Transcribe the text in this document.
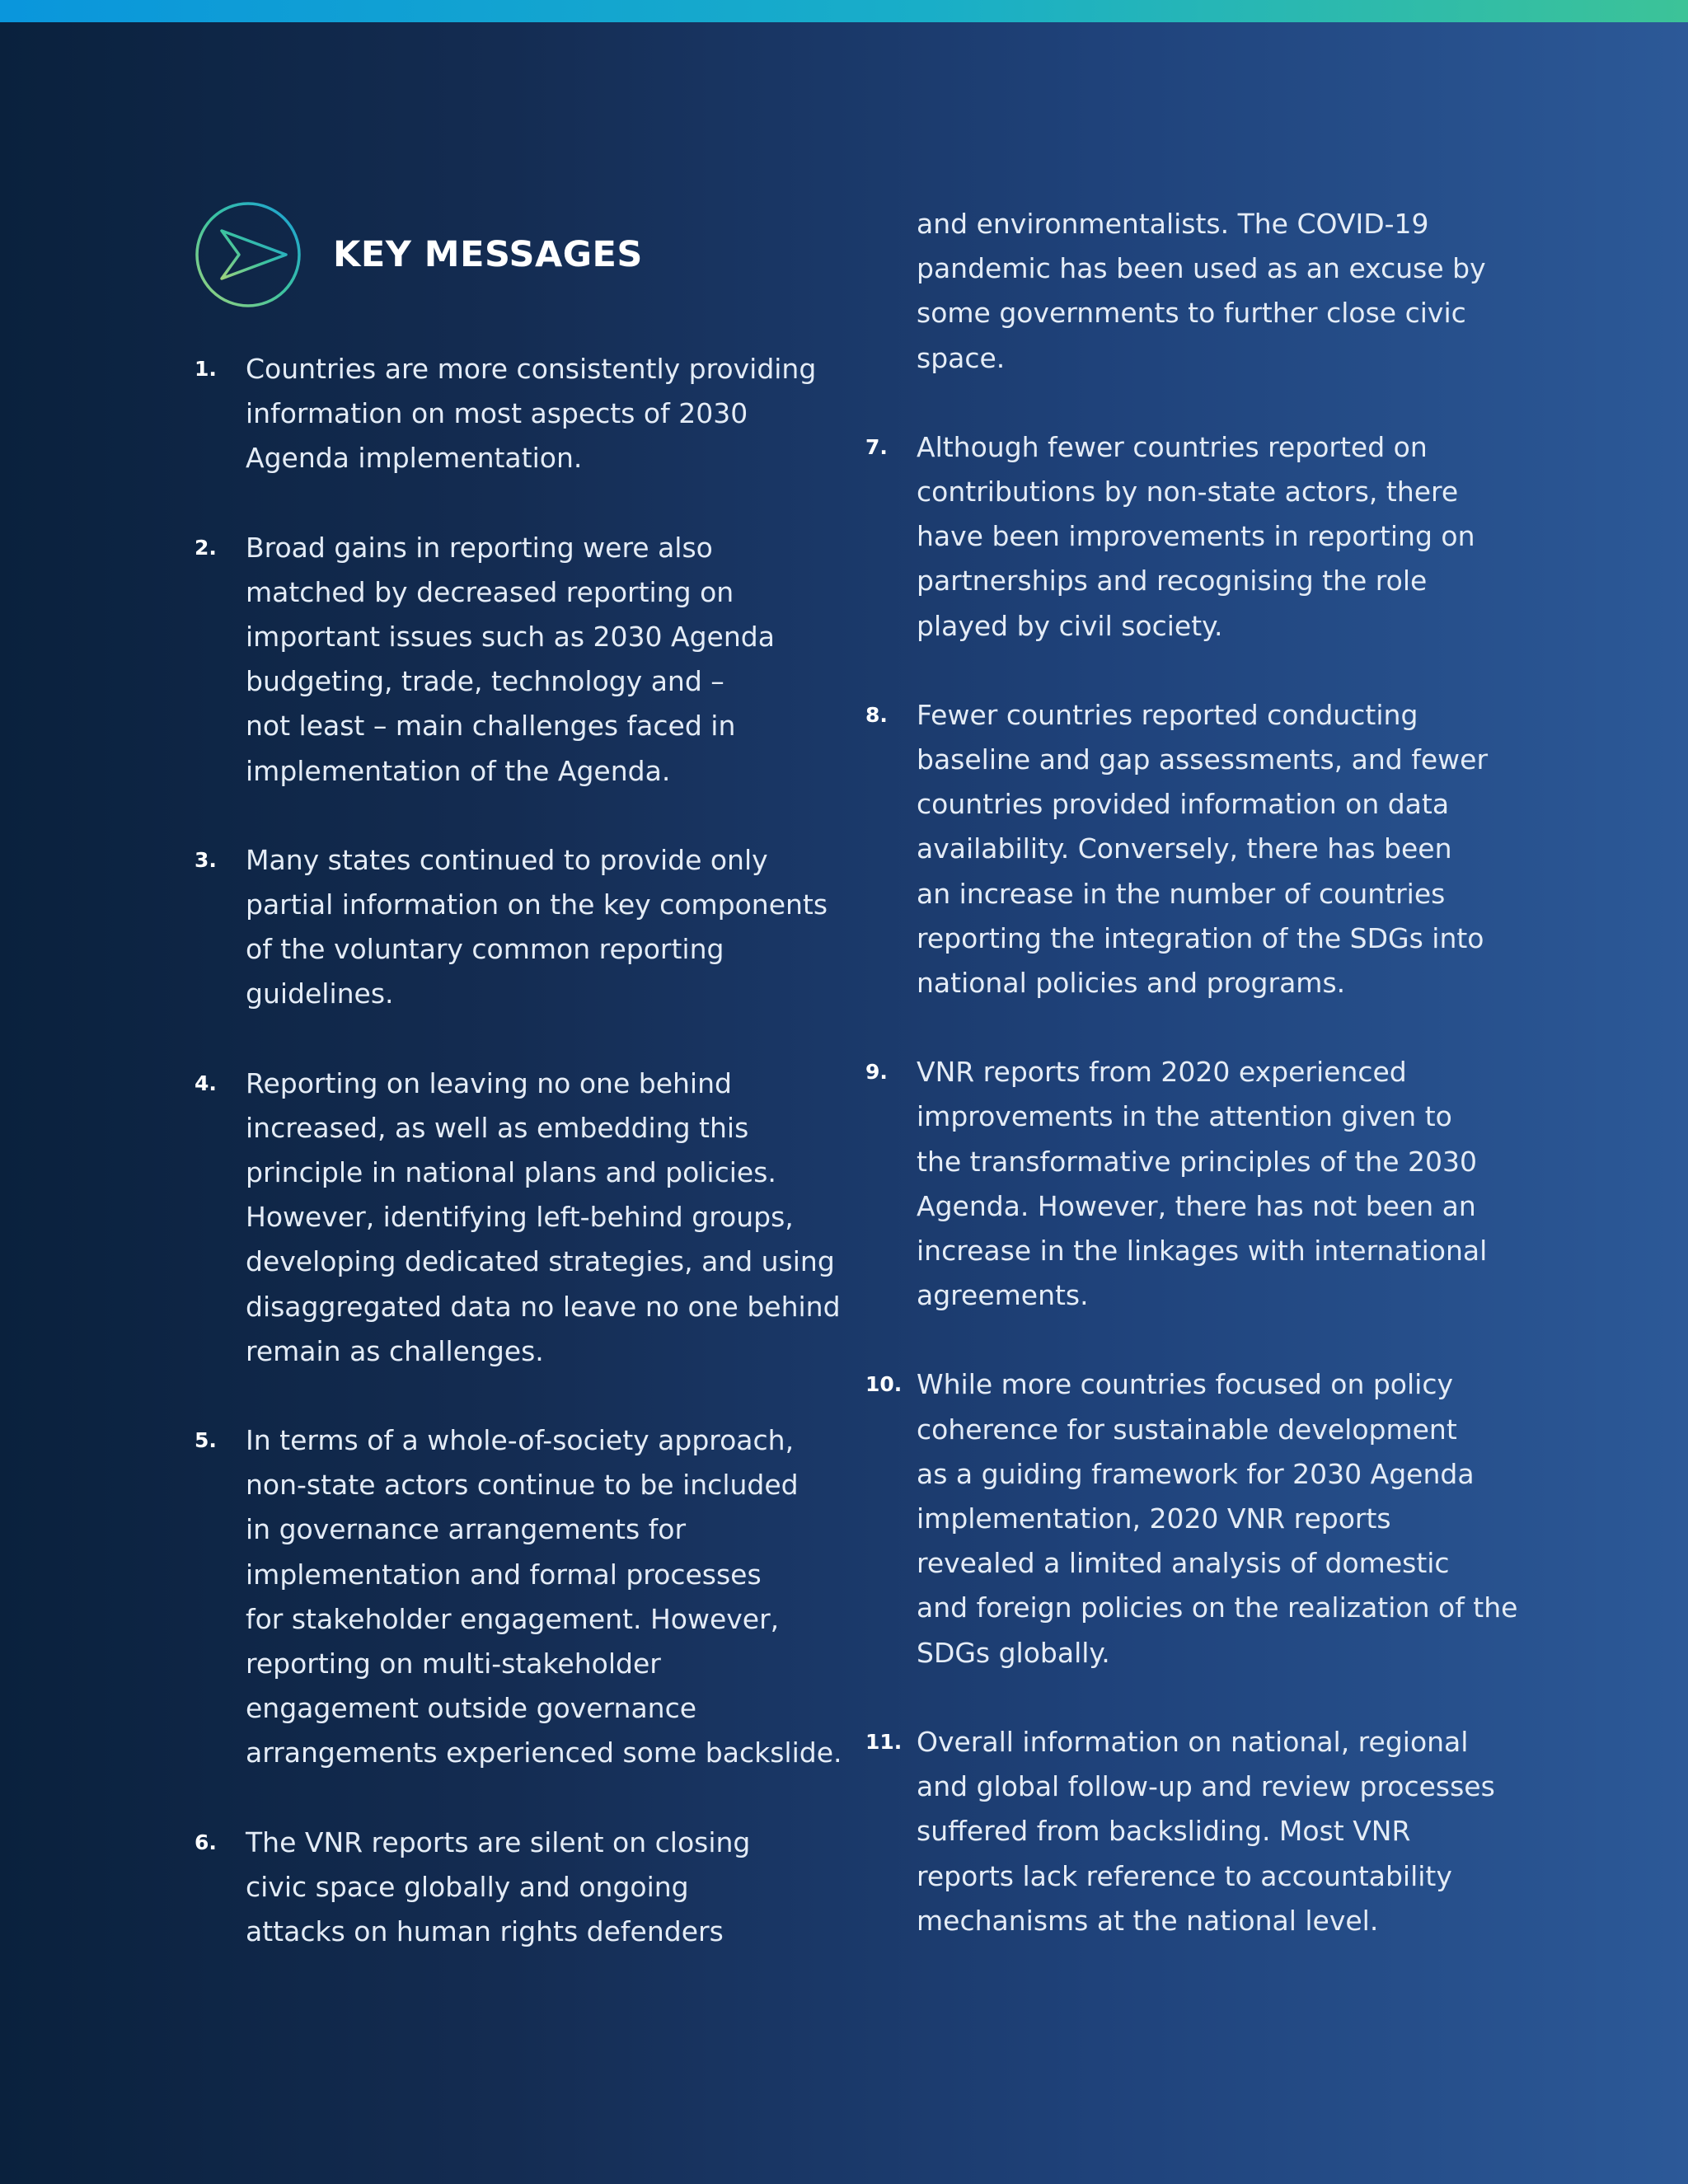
KEY MESSAGES
1. Countries are more consistently providing
information on most aspects of 2030
Agenda implementation.
2. Broad gains in reporting were also
matched by decreased reporting on
important issues such as 2030 Agenda
budgeting, trade, technology and –
not least – main challenges faced in
implementation of the Agenda.
3. Many states continued to provide only
partial information on the key components
of the voluntary common reporting
guidelines.
4. Reporting on leaving no one behind
increased, as well as embedding this
principle in national plans and policies.
However, identifying left-behind groups,
developing dedicated strategies, and using
disaggregated data no leave no one behind
remain as challenges.
5. In terms of a whole-of-society approach,
non-state actors continue to be included
in governance arrangements for
implementation and formal processes
for stakeholder engagement. However,
reporting on multi-stakeholder
engagement outside governance
arrangements experienced some backslide.
6. The VNR reports are silent on closing
civic space globally and ongoing
attacks on human rights defenders
and environmentalists. The COVID-19
pandemic has been used as an excuse by
some governments to further close civic
space.
7. Although fewer countries reported on
contributions by non-state actors, there
have been improvements in reporting on
partnerships and recognising the role
played by civil society.
8. Fewer countries reported conducting
baseline and gap assessments, and fewer
countries provided information on data
availability. Conversely, there has been
an increase in the number of countries
reporting the integration of the SDGs into
national policies and programs.
9. VNR reports from 2020 experienced
improvements in the attention given to
the transformative principles of the 2030
Agenda. However, there has not been an
increase in the linkages with international
agreements.
10. While more countries focused on policy
coherence for sustainable development
as a guiding framework for 2030 Agenda
implementation, 2020 VNR reports
revealed a limited analysis of domestic
and foreign policies on the realization of the
SDGs globally.
11. Overall information on national, regional
and global follow-up and review processes
suffered from backsliding. Most VNR
reports lack reference to accountability
mechanisms at the national level.
